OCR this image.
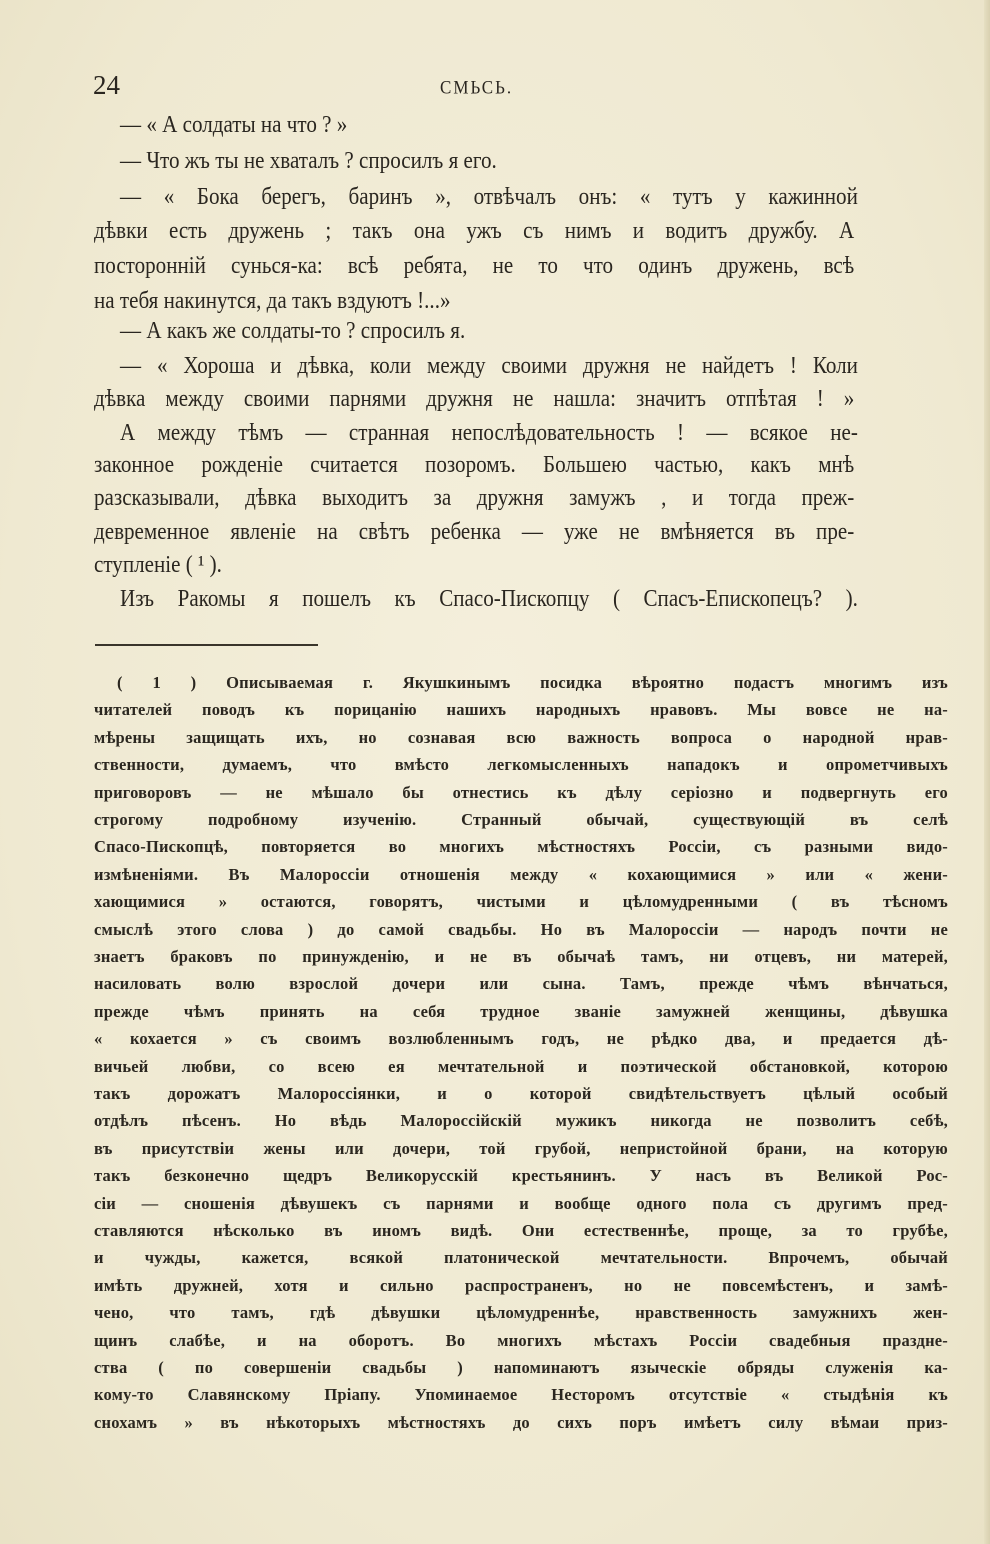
24	СМЬСЬ.
— « А солдаты на что ? »
— Что жъ ты не хваталъ ? спросилъ я его.
— « Бока берегъ, баринъ », отвѣчалъ онъ: « тутъ у кажинной
дѣвки есть дружень ; такъ она ужъ съ нимъ и водитъ дружбу. А
посторонній сунься-ка: всѣ ребята, не то что одинъ дружень, всѣ
на тебя накинутся, да такъ вздуютъ !...»
— А какъ же солдаты-то ? спросилъ я.
— « Хороша и дѣвка, коли между своими дружня не найдетъ ! Коли
дѣвка между своими парнями дружня не нашла: значитъ отпѣтая ! »
А между тѣмъ — странная непослѣдовательность ! — всякое не-
законное рожденіе считается позоромъ. Большею частью, какъ мнѣ
разсказывали, дѣвка выходитъ за дружня замужъ , и тогда преж-
девременное явленіе на свѣтъ ребенка — уже не вмѣняется въ пре-
ступленіе ( ¹ ).
Изъ Ракомы я пошелъ къ Спасо-Пископцу ( Спасъ-Епископецъ? ).
( 1 ) Описываемая г. Якушкинымъ посидка вѣроятно подастъ многимъ изъ
читателей поводъ къ порицанію нашихъ народныхъ нравовъ. Мы вовсе не на-
мѣрены защищать ихъ, но сознавая всю важность вопроса о народной нрав-
ственности, думаемъ, что вмѣсто легкомысленныхъ нападокъ и опрометчивыхъ
приговоровъ — не мѣшало бы отнестись къ дѣлу серіозно и подвергнуть его
строгому подробному изученію. Странный обычай, существующій въ селѣ
Спасо-Пископцѣ, повторяется во многихъ мѣстностяхъ Россіи, съ разными видо-
измѣненіями. Въ Малороссіи отношенія между « кохающимися » или « жени-
хающимися » остаются, говорятъ, чистыми и цѣломудренными ( въ тѣсномъ
смыслѣ этого слова ) до самой свадьбы. Но въ Малороссіи — народъ почти не
знаетъ браковъ по принужденію, и не въ обычаѣ тамъ, ни отцевъ, ни матерей,
насиловать волю взрослой дочери или сына. Тамъ, прежде чѣмъ вѣнчаться,
прежде чѣмъ принять на себя трудное званіе замужней женщины, дѣвушка
« кохается » съ своимъ возлюбленнымъ годъ, не рѣдко два, и предается дѣ-
вичьей любви, со всею ея мечтательной и поэтической обстановкой, которою
такъ дорожатъ Малороссіянки, и о которой свидѣтельствуетъ цѣлый особый
отдѣлъ пѣсенъ. Но вѣдь Малороссійскій мужикъ никогда не позволитъ себѣ,
въ присутствіи жены или дочери, той грубой, непристойной брани, на которую
такъ безконечно щедръ Великорусскій крестьянинъ. У насъ въ Великой Рос-
сіи — сношенія дѣвушекъ съ парнями и вообще одного пола съ другимъ пред-
ставляются нѣсколько въ иномъ видѣ. Они естественнѣе, проще, за то грубѣе,
и чужды, кажется, всякой платонической мечтательности. Впрочемъ, обычай
имѣть дружней, хотя и сильно распространенъ, но не повсемѣстенъ, и замѣ-
чено, что тамъ, гдѣ дѣвушки цѣломудреннѣе, нравственность замужнихъ жен-
щинъ слабѣе, и на оборотъ. Во многихъ мѣстахъ Россіи свадебныя праздне-
ства ( по совершеніи свадьбы ) напоминаютъ языческіе обряды служенія ка-
кому-то Славянскому Пріапу. Упоминаемое Несторомъ отсутствіе « стыдѣнія къ
снохамъ » въ нѣкоторыхъ мѣстностяхъ до сихъ поръ имѣетъ силу вѣмаи приз-
